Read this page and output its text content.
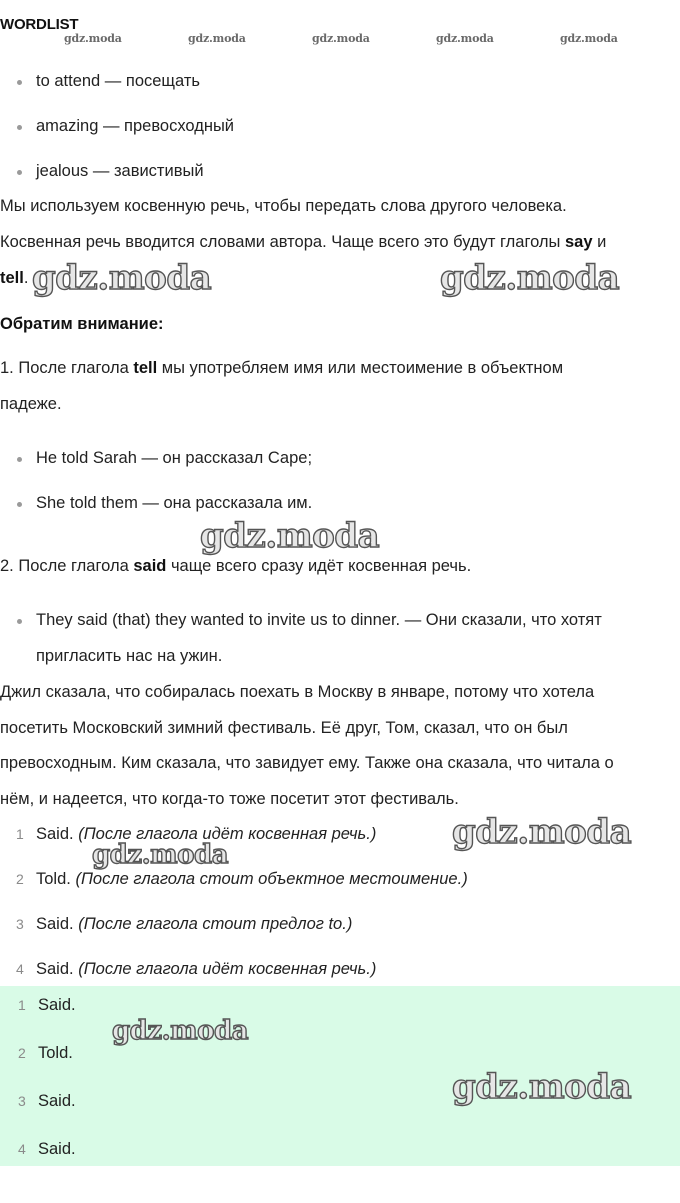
WORDLIST
gdz.moda	gdz.moda	gdz.moda	gdz.moda	gdz.moda
to attend — посещать
amazing — превосходный
jealous — завистивый
Мы используем косвенную речь, чтобы передать слова другого человека.
Косвенная речь вводится словами автора. Чаще всего это будут глаголы say и
tell. gdz.moda	gdz.moda
Обратим внимание:
1. После глагола tell мы употребляем имя или местоимение в объектном
падеже.
He told Sarah — он рассказал Саре;
She told them — она рассказала им.
gdz.moda
2. После глагола said чаще всего сразу идёт косвенная речь.
They said (that) they wanted to invite us to dinner. — Они сказали, что хотят
пригласить нас на ужин.
Джил сказала, что собиралась поехать в Москву в январе, потому что хотела
посетить Московский зимний фестиваль. Её друг, Том, сказал, что он был
превосходным. Ким сказала, что завидует ему. Также она сказала, что читала о
нём, и надеется, что когда-то тоже посетит этот фестиваль.
1 Said. (После глагола идёт косвенная речь.)
2 Told. (После глагола стоит объектное местоимение.)
3 Said. (После глагола стоит предлог to.)
4 Said. (После глагола идёт косвенная речь.)
gdz.moda
gdz.moda
1 Said.
2 Told.
3 Said.
4 Said.
gdz.moda
gdz.moda
